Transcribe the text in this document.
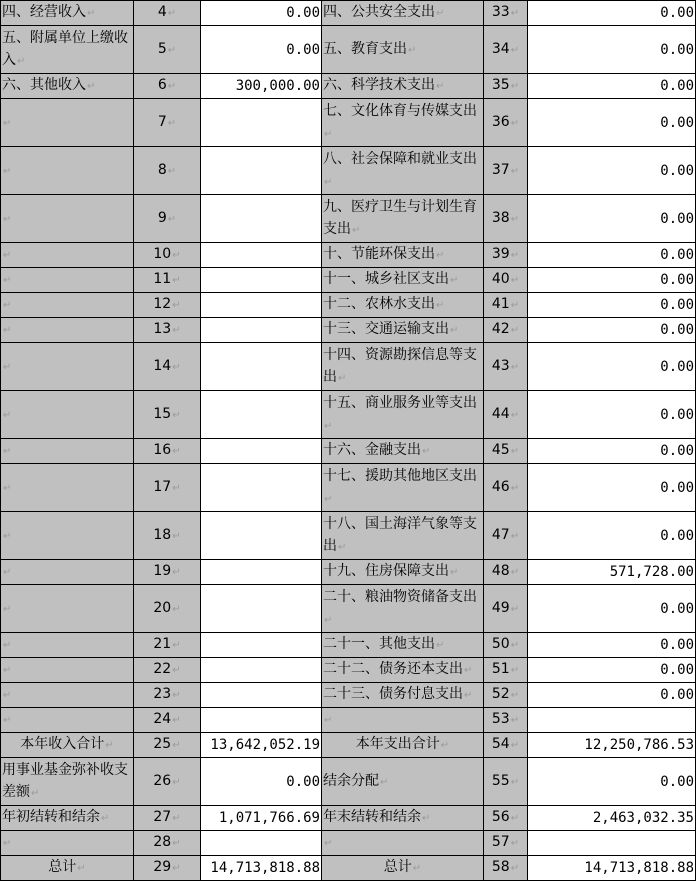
四、经营收入↵	4↵	0.00	四、公共安全支出↵	33↵	0.00
五、附属单位上缴收入↵	5↵	0.00	五、教育支出↵	34↵	0.00
六、其他收入↵	6↵	300,000.00	六、科学技术支出↵	35↵	0.00
↵	7↵		七、文化体育与传媒支出↵	36↵	0.00
↵	8↵		八、社会保障和就业支出↵	37↵	0.00
↵	9↵		九、医疗卫生与计划生育支出↵	38↵	0.00
↵	10↵		十、节能环保支出↵	39↵	0.00
↵	11↵		十一、城乡社区支出↵	40↵	0.00
↵	12↵		十二、农林水支出↵	41↵	0.00
↵	13↵		十三、交通运输支出↵	42↵	0.00
↵	14↵		十四、资源勘探信息等支出↵	43↵	0.00
↵	15↵		十五、商业服务业等支出↵	44↵	0.00
↵	16↵		十六、金融支出↵	45↵	0.00
↵	17↵		十七、援助其他地区支出↵	46↵	0.00
↵	18↵		十八、国土海洋气象等支出↵	47↵	0.00
↵	19↵		十九、住房保障支出↵	48↵	571,728.00
↵	20↵		二十、粮油物资储备支出↵	49↵	0.00
↵	21↵		二十一、其他支出↵	50↵	0.00
↵	22↵		二十二、债务还本支出↵	51↵	0.00
↵	23↵		二十三、债务付息支出↵	52↵	0.00
↵	24↵		↵	53↵	
本年收入合计↵	25↵	13,642,052.19	本年支出合计↵	54↵	12,250,786.53
用事业基金弥补收支差额↵	26↵	0.00	结余分配↵	55↵	0.00
年初结转和结余↵	27↵	1,071,766.69	年末结转和结余↵	56↵	2,463,032.35
↵	28↵		↵	57↵	
总计↵	29↵	14,713,818.88	总计↵	58↵	14,713,818.88
